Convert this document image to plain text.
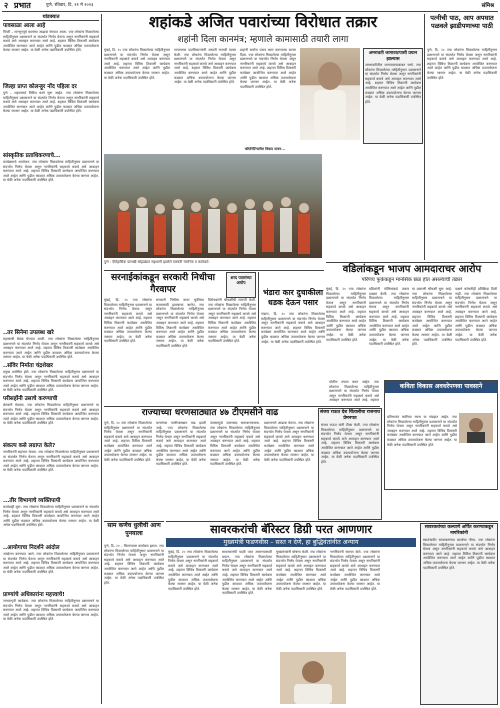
२ प्रभात	पुणे, रविवार, दि. २१ मे २०२३	संमिश्र
थोडक्यात
पावसाळा आला आहे

पिंपरी – मान्सूनपूर्व कामांचा आढावा घेण्यात आला. ज्या लोकांना मिळालेल्या माहितीनुसार प्रशासनाने या संदर्भात निर्णय घेतला असून नागरिकांनी सहकार्य करावे असे आवाहन करण्यात आले आहे. शहरात विविध ठिकाणी कार्यक्रम आयोजित करण्यात आले आहेत आणि पुढील काळात अधिक उपाययोजना केल्या जाणार आहेत. या वेळी अनेक पदाधिकारी उपस्थित होते.

जिल्हा प्राप्त कोलन्हूर नोंद पहिला दर

पुणे – शहरामध्ये विविध कामे सुरू आहेत. ज्या लोकांना मिळालेल्या माहितीनुसार प्रशासनाने या संदर्भात निर्णय घेतला असून नागरिकांनी सहकार्य करावे असे आवाहन करण्यात आले आहे. शहरात विविध ठिकाणी कार्यक्रम आयोजित करण्यात आले आहेत आणि पुढील काळात अधिक उपाययोजना केल्या जाणार आहेत. या वेळी अनेक पदाधिकारी उपस्थित होते.

सांस्कृतिक प्रताधिकरणाचे...

कार्यक्रमाचे आयोजन. ज्या लोकांना मिळालेल्या माहितीनुसार प्रशासनाने या संदर्भात निर्णय घेतला असून नागरिकांनी सहकार्य करावे असे आवाहन करण्यात आले आहे. शहरात विविध ठिकाणी कार्यक्रम आयोजित करण्यात आले आहेत आणि पुढील काळात अधिक उपाययोजना केल्या जाणार आहेत. या वेळी अनेक पदाधिकारी उपस्थित होते.

..तर सिनेमा उपलब्ध खरे

महत्त्वाची बैठक घेण्यात आली. ज्या लोकांना मिळालेल्या माहितीनुसार प्रशासनाने या संदर्भात निर्णय घेतला असून नागरिकांनी सहकार्य करावे असे आवाहन करण्यात आले आहे. शहरात विविध ठिकाणी कार्यक्रम आयोजित करण्यात आले आहेत आणि पुढील काळात अधिक उपाययोजना केल्या जाणार आहेत. या वेळी अनेक पदाधिकारी उपस्थित होते.

..संविर निर्माता चंद्रशेखर

प्रमुख उपस्थित होते. ज्या लोकांना मिळालेल्या माहितीनुसार प्रशासनाने या संदर्भात निर्णय घेतला असून नागरिकांनी सहकार्य करावे असे आवाहन करण्यात आले आहे. शहरात विविध ठिकाणी कार्यक्रम आयोजित करण्यात आले आहेत आणि पुढील काळात अधिक उपाययोजना केल्या जाणार आहेत. या वेळी अनेक पदाधिकारी उपस्थित होते.

परीसहोंनी उसाचे करण्याची

शेतकरी मेळावा. ज्या लोकांना मिळालेल्या माहितीनुसार प्रशासनाने या संदर्भात निर्णय घेतला असून नागरिकांनी सहकार्य करावे असे आवाहन करण्यात आले आहे. शहरात विविध ठिकाणी कार्यक्रम आयोजित करण्यात आले आहेत आणि पुढील काळात अधिक उपाययोजना केल्या जाणार आहेत. या वेळी अनेक पदाधिकारी उपस्थित होते.

संकल्प कसे लग्राप्त केले?

नागरिकांनी सहभाग घेतला. ज्या लोकांना मिळालेल्या माहितीनुसार प्रशासनाने या संदर्भात निर्णय घेतला असून नागरिकांनी सहकार्य करावे असे आवाहन करण्यात आले आहे. शहरात विविध ठिकाणी कार्यक्रम आयोजित करण्यात आले आहेत आणि पुढील काळात अधिक उपाययोजना केल्या जाणार आहेत. या वेळी अनेक पदाधिकारी उपस्थित होते.

...तीर विभागाचे व्यक्तिपापी

कार्यवाही सुरू. ज्या लोकांना मिळालेल्या माहितीनुसार प्रशासनाने या संदर्भात निर्णय घेतला असून नागरिकांनी सहकार्य करावे असे आवाहन करण्यात आले आहे. शहरात विविध ठिकाणी कार्यक्रम आयोजित करण्यात आले आहेत आणि पुढील काळात अधिक उपाययोजना केल्या जाणार आहेत. या वेळी अनेक पदाधिकारी उपस्थित होते.

..आयोगाचा निदर्शने आंदोल

आंदोलन करण्यात आले. ज्या लोकांना मिळालेल्या माहितीनुसार प्रशासनाने या संदर्भात निर्णय घेतला असून नागरिकांनी सहकार्य करावे असे आवाहन करण्यात आले आहे. शहरात विविध ठिकाणी कार्यक्रम आयोजित करण्यात आले आहेत आणि पुढील काळात अधिक उपाययोजना केल्या जाणार आहेत. या वेळी अनेक पदाधिकारी उपस्थित होते.

प्राण्यांचे अधिकारांना महत्त्वाचे!

जनजागृती कार्यक्रम. ज्या लोकांना मिळालेल्या माहितीनुसार प्रशासनाने या संदर्भात निर्णय घेतला असून नागरिकांनी सहकार्य करावे असे आवाहन करण्यात आले आहे. शहरात विविध ठिकाणी कार्यक्रम आयोजित करण्यात आले आहेत आणि पुढील काळात अधिक उपाययोजना केल्या जाणार आहेत. या वेळी अनेक पदाधिकारी उपस्थित होते.

शहांकडे अजित पवारांच्या विरोधात तक्रार
शहांनी दिला कानमंत्र; म्हणाले कामासाठी तयारी लागा

मुंबई, दि. २० ज्या लोकांना मिळालेल्या माहितीनुसार प्रशासनाने या संदर्भात निर्णय घेतला असून नागरिकांनी सहकार्य करावे असे आवाहन करण्यात आले आहे. शहरात विविध ठिकाणी कार्यक्रम आयोजित करण्यात आले आहेत आणि पुढील काळात अधिक उपाययोजना केल्या जाणार आहेत. या वेळी अनेक पदाधिकारी उपस्थित होते.	भाजपच्या पदाधिकाऱ्यांनी आपली नाराजी व्यक्त केली. ज्या लोकांना मिळालेल्या माहितीनुसार प्रशासनाने या संदर्भात निर्णय घेतला असून नागरिकांनी सहकार्य करावे असे आवाहन करण्यात आले आहे. शहरात विविध ठिकाणी कार्यक्रम आयोजित करण्यात आले आहेत आणि पुढील काळात अधिक उपाययोजना केल्या जाणार आहेत. या वेळी अनेक पदाधिकारी उपस्थित होते.

शहांनी सर्वांना एकत्र काम करण्याचा सल्ला दिला. ज्या लोकांना मिळालेल्या माहितीनुसार प्रशासनाने या संदर्भात निर्णय घेतला असून नागरिकांनी सहकार्य करावे असे आवाहन करण्यात आले आहे. शहरात विविध ठिकाणी कार्यक्रम आयोजित करण्यात आले आहेत आणि पुढील काळात अधिक उपाययोजना केल्या जाणार आहेत. या वेळी अनेक पदाधिकारी उपस्थित होते.	अमरावती जागावाटपाशी प्रयत्न झाल्यास

अमरावतीतील जागावाटपाबाबत चर्चा. ज्या लोकांना मिळालेल्या माहितीनुसार प्रशासनाने या संदर्भात निर्णय घेतला असून नागरिकांनी सहकार्य करावे असे आवाहन करण्यात आले आहे. शहरात विविध ठिकाणी कार्यक्रम आयोजित करण्यात आले आहेत आणि पुढील काळात अधिक उपाययोजना केल्या जाणार आहेत. या वेळी अनेक पदाधिकारी उपस्थित होते.

कॉर्पोरेटिंगातील विवाद पावन...
पत्नीची पाठ, आप अपघात पळवले झाडीपणाच्या पाठी

पुणे, दि. २० ज्या लोकांना मिळालेल्या माहितीनुसार प्रशासनाने या संदर्भात निर्णय घेतला असून नागरिकांनी सहकार्य करावे असे आवाहन करण्यात आले आहे. शहरात विविध ठिकाणी कार्यक्रम आयोजित करण्यात आले आहेत आणि पुढील काळात अधिक उपाययोजना केल्या जाणार आहेत. या वेळी अनेक पदाधिकारी उपस्थित होते.

पुणे : ऐतिहासिक पालखी सोहळ्यात सहभागी झालेले वारकरी नागरिक व कार्यकर्ते.
वडिलांकडून भाजप आमदाराचर आरोप
परिणय फुकेंकडून मानसिक छळ होत असल्याची तक्रार

मुंबई, दि. २० ज्या लोकांना मिळालेल्या माहितीनुसार प्रशासनाने या संदर्भात निर्णय घेतला असून नागरिकांनी सहकार्य करावे असे आवाहन करण्यात आले आहे. शहरात विविध ठिकाणी कार्यक्रम आयोजित करण्यात आले आहेत आणि पुढील काळात अधिक उपाययोजना केल्या जाणार आहेत. या वेळी अनेक पदाधिकारी उपस्थित होते.	वडिलांनी पोलिसांकडे तक्रार दाखल केली. ज्या लोकांना मिळालेल्या माहितीनुसार प्रशासनाने या संदर्भात निर्णय घेतला असून नागरिकांनी सहकार्य करावे असे आवाहन करण्यात आले आहे. शहरात विविध ठिकाणी कार्यक्रम आयोजित करण्यात आले आहेत आणि पुढील काळात अधिक उपाययोजना केल्या जाणार आहेत. या वेळी अनेक पदाधिकारी उपस्थित होते.

या प्रकरणी चौकशी सुरू आहे. ज्या लोकांना मिळालेल्या माहितीनुसार प्रशासनाने या संदर्भात निर्णय घेतला असून नागरिकांनी सहकार्य करावे असे आवाहन करण्यात आले आहे. शहरात विविध ठिकाणी कार्यक्रम आयोजित करण्यात आले आहेत आणि पुढील काळात अधिक उपाययोजना केल्या जाणार आहेत. या वेळी अनेक पदाधिकारी उपस्थित होते. पक्षाने कोणतीही प्रतिक्रिया दिली नाही. ज्या लोकांना मिळालेल्या माहितीनुसार प्रशासनाने या संदर्भात निर्णय घेतला असून नागरिकांनी सहकार्य करावे असे आवाहन करण्यात आले आहे. शहरात विविध ठिकाणी कार्यक्रम आयोजित करण्यात आले आहेत आणि पुढील काळात अधिक उपाययोजना केल्या जाणार आहेत. या वेळी अनेक पदाधिकारी उपस्थित होते.

सरनाईकांकडून सरकारी निधीचा गैरवापर
शरद पवारांच्या आरोप

मुंबई, दि. २० ज्या लोकांना मिळालेल्या माहितीनुसार प्रशासनाने या संदर्भात निर्णय घेतला असून नागरिकांनी सहकार्य करावे असे आवाहन करण्यात आले आहे. शहरात विविध ठिकाणी कार्यक्रम आयोजित करण्यात आले आहेत आणि पुढील काळात अधिक उपाययोजना केल्या जाणार आहेत. या वेळी अनेक पदाधिकारी उपस्थित होते.	सरकारी निधीचा वापर चुकीच्या कामासाठी झाल्याचा आरोप. ज्या लोकांना मिळालेल्या माहितीनुसार प्रशासनाने या संदर्भात निर्णय घेतला असून नागरिकांनी सहकार्य करावे असे आवाहन करण्यात आले आहे. शहरात विविध ठिकाणी कार्यक्रम आयोजित करण्यात आले आहेत आणि पुढील काळात अधिक उपाययोजना केल्या जाणार आहेत. या वेळी अनेक पदाधिकारी उपस्थित होते.

विरोधकांनी चौकशीची मागणी केली. ज्या लोकांना मिळालेल्या माहितीनुसार प्रशासनाने या संदर्भात निर्णय घेतला असून नागरिकांनी सहकार्य करावे असे आवाहन करण्यात आले आहे. शहरात विविध ठिकाणी कार्यक्रम आयोजित करण्यात आले आहेत आणि पुढील काळात अधिक उपाययोजना केल्या जाणार आहेत. या वेळी अनेक पदाधिकारी उपस्थित होते.

भंडारा कार दुचाकीला धडक देऊन पसार

भंडारा, दि. २० ज्या लोकांना मिळालेल्या माहितीनुसार प्रशासनाने या संदर्भात निर्णय घेतला असून नागरिकांनी सहकार्य करावे असे आवाहन करण्यात आले आहे. शहरात विविध ठिकाणी कार्यक्रम आयोजित करण्यात आले आहेत आणि पुढील काळात अधिक उपाययोजना केल्या जाणार आहेत. या वेळी अनेक पदाधिकारी उपस्थित होते.

पोलीस तपास करत आहेत. ज्या लोकांना मिळालेल्या माहितीनुसार प्रशासनाने या संदर्भात निर्णय घेतला असून नागरिकांनी सहकार्य करावे असे आवाहन करण्यात आले आहे. शहरात विविध ठिकाणी कार्यक्रम आयोजित करण्यात आले आहेत आणि पुढील काळात अधिक उपाययोजना केल्या जाणार आहेत. या वेळी अनेक पदाधिकारी उपस्थित होते.

कविता विकास अवधरेपणवा पावसाने

प्रतिभावंत कवींच्या रचना या संग्रहात आहेत. ज्या लोकांना मिळालेल्या माहितीनुसार प्रशासनाने या संदर्भात निर्णय घेतला असून नागरिकांनी सहकार्य करावे असे आवाहन करण्यात आले आहे. शहरात विविध ठिकाणी कार्यक्रम आयोजित करण्यात आले आहेत आणि पुढील काळात अधिक उपाययोजना केल्या जाणार आहेत. या वेळी अनेक पदाधिकारी उपस्थित होते.

राज्याच्या धरणसाठ्यात ४७ टीएमसीने वाढ	संजय राऊत देश चिंतालीचा राजनाथ प्रेमनपत

संजय राऊत यांनी टीका केली. ज्या लोकांना मिळालेल्या माहितीनुसार प्रशासनाने या संदर्भात निर्णय घेतला असून नागरिकांनी सहकार्य करावे असे आवाहन करण्यात आले आहे. शहरात विविध ठिकाणी कार्यक्रम आयोजित करण्यात आले आहेत आणि पुढील काळात अधिक उपाययोजना केल्या जाणार आहेत. या वेळी अनेक पदाधिकारी उपस्थित होते.

पुणे, दि. २० ज्या लोकांना मिळालेल्या माहितीनुसार प्रशासनाने या संदर्भात निर्णय घेतला असून नागरिकांनी सहकार्य करावे असे आवाहन करण्यात आले आहे. शहरात विविध ठिकाणी कार्यक्रम आयोजित करण्यात आले आहेत आणि पुढील काळात अधिक उपाययोजना केल्या जाणार आहेत. या वेळी अनेक पदाधिकारी उपस्थित होते.	धरणांच्या पाणीसाठ्यात वाढ झाली आहे. ज्या लोकांना मिळालेल्या माहितीनुसार प्रशासनाने या संदर्भात निर्णय घेतला असून नागरिकांनी सहकार्य करावे असे आवाहन करण्यात आले आहे. शहरात विविध ठिकाणी कार्यक्रम आयोजित करण्यात आले आहेत आणि पुढील काळात अधिक उपाययोजना केल्या जाणार आहेत. या वेळी अनेक पदाधिकारी उपस्थित होते.

पावसामुळे जलसाठा समाधानकारक. ज्या लोकांना मिळालेल्या माहितीनुसार प्रशासनाने या संदर्भात निर्णय घेतला असून नागरिकांनी सहकार्य करावे असे आवाहन करण्यात आले आहे. शहरात विविध ठिकाणी कार्यक्रम आयोजित करण्यात आले आहेत आणि पुढील काळात अधिक उपाययोजना केल्या जाणार आहेत. या वेळी अनेक पदाधिकारी उपस्थित होते. प्रशासनाने आढावा घेतला. ज्या लोकांना मिळालेल्या माहितीनुसार प्रशासनाने या संदर्भात निर्णय घेतला असून नागरिकांनी सहकार्य करावे असे आवाहन करण्यात आले आहे. शहरात विविध ठिकाणी कार्यक्रम आयोजित करण्यात आले आहेत आणि पुढील काळात अधिक उपाययोजना केल्या जाणार आहेत. या वेळी अनेक पदाधिकारी उपस्थित होते.

साम कर्णेच धुलीची आण पुनयाला

पुणे, दि. २० – किल्ल्यावर कार्यक्रम झाला. ज्या लोकांना मिळालेल्या माहितीनुसार प्रशासनाने या संदर्भात निर्णय घेतला असून नागरिकांनी सहकार्य करावे असे आवाहन करण्यात आले आहे. शहरात विविध ठिकाणी कार्यक्रम आयोजित करण्यात आले आहेत आणि पुढील काळात अधिक उपाययोजना केल्या जाणार आहेत. या वेळी अनेक पदाधिकारी उपस्थित होते.

सावरकरांची बॅरिस्टर डिग्री परत आणणार
मुख्यमंत्री फडणवीस – सस्त न देणे, हा बुद्धिवंतांनीत अन्याय

मुंबई, दि. २० ज्या लोकांना मिळालेल्या माहितीनुसार प्रशासनाने या संदर्भात निर्णय घेतला असून नागरिकांनी सहकार्य करावे असे आवाहन करण्यात आले आहे. शहरात विविध ठिकाणी कार्यक्रम आयोजित करण्यात आले आहेत आणि पुढील काळात अधिक उपाययोजना केल्या जाणार आहेत. या वेळी अनेक पदाधिकारी उपस्थित होते.	सावरकरांची पदवी परत आणण्यासाठी प्रयत्न. ज्या लोकांना मिळालेल्या माहितीनुसार प्रशासनाने या संदर्भात निर्णय घेतला असून नागरिकांनी सहकार्य करावे असे आवाहन करण्यात आले आहे. शहरात विविध ठिकाणी कार्यक्रम आयोजित करण्यात आले आहेत आणि पुढील काळात अधिक उपाययोजना केल्या जाणार आहेत. या वेळी अनेक पदाधिकारी उपस्थित होते.

मुख्यमंत्र्यांनी घोषणा केली. ज्या लोकांना मिळालेल्या माहितीनुसार प्रशासनाने या संदर्भात निर्णय घेतला असून नागरिकांनी सहकार्य करावे असे आवाहन करण्यात आले आहे. शहरात विविध ठिकाणी कार्यक्रम आयोजित करण्यात आले आहेत आणि पुढील काळात अधिक उपाययोजना केल्या जाणार आहेत. या वेळी अनेक पदाधिकारी उपस्थित होते.	नागरिकांनी स्वागत केले. ज्या लोकांना मिळालेल्या माहितीनुसार प्रशासनाने या संदर्भात निर्णय घेतला असून नागरिकांनी सहकार्य करावे असे आवाहन करण्यात आले आहे. शहरात विविध ठिकाणी कार्यक्रम आयोजित करण्यात आले आहेत आणि पुढील काळात अधिक उपाययोजना केल्या जाणार आहेत. या वेळी अनेक पदाधिकारी उपस्थित होते.

सावरकरांच्या कल्याणे अर्पित करण्याकडून नागरिकांनी

स्वातंत्र्यवीर सावरकरांच्या कार्याचा गौरव. ज्या लोकांना मिळालेल्या माहितीनुसार प्रशासनाने या संदर्भात निर्णय घेतला असून नागरिकांनी सहकार्य करावे असे आवाहन करण्यात आले आहे. शहरात विविध ठिकाणी कार्यक्रम आयोजित करण्यात आले आहेत आणि पुढील काळात अधिक उपाययोजना केल्या जाणार आहेत. या वेळी अनेक पदाधिकारी उपस्थित होते.
